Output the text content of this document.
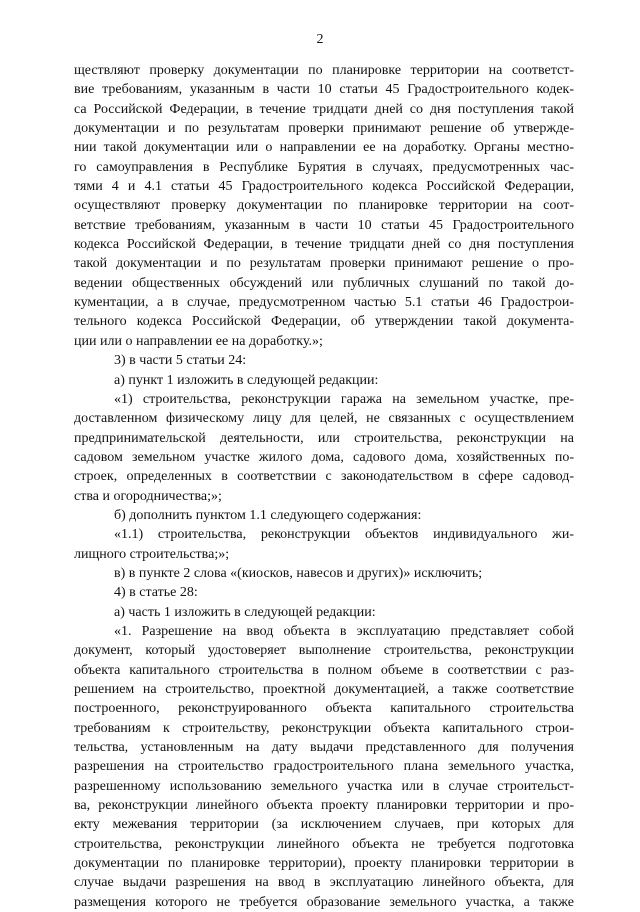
2
ществляют проверку документации по планировке территории на соответст-
вие требованиям, указанным в части 10 статьи 45 Градостроительного кодек-
са Российской Федерации, в течение тридцати дней со дня поступления такой
документации и по результатам проверки принимают решение об утвержде-
нии такой документации или о направлении ее на доработку. Органы местно-
го самоуправления в Республике Бурятия в случаях, предусмотренных час-
тями 4 и 4.1 статьи 45 Градостроительного кодекса Российской Федерации,
осуществляют проверку документации по планировке территории на соот-
ветствие требованиям, указанным в части 10 статьи 45 Градостроительного
кодекса Российской Федерации, в течение тридцати дней со дня поступления
такой документации и по результатам проверки принимают решение о про-
ведении общественных обсуждений или публичных слушаний по такой до-
кументации, а в случае, предусмотренном частью 5.1 статьи 46 Градострои-
тельного кодекса Российской Федерации, об утверждении такой документа-
ции или о направлении ее на доработку.»;
3) в части 5 статьи 24:
а) пункт 1 изложить в следующей редакции:
«1) строительства, реконструкции гаража на земельном участке, пре-
доставленном физическому лицу для целей, не связанных с осуществлением
предпринимательской деятельности, или строительства, реконструкции на
садовом земельном участке жилого дома, садового дома, хозяйственных по-
строек, определенных в соответствии с законодательством в сфере садовод-
ства и огородничества;»;
б) дополнить пунктом 1.1 следующего содержания:
«1.1) строительства, реконструкции объектов индивидуального жи-
лищного строительства;»;
в) в пункте 2 слова «(киосков, навесов и других)» исключить;
4) в статье 28:
а) часть 1 изложить в следующей редакции:
«1. Разрешение на ввод объекта в эксплуатацию представляет собой
документ, который удостоверяет выполнение строительства, реконструкции
объекта капитального строительства в полном объеме в соответствии с раз-
решением на строительство, проектной документацией, а также соответствие
построенного, реконструированного объекта капитального строительства
требованиям к строительству, реконструкции объекта капитального строи-
тельства, установленным на дату выдачи представленного для получения
разрешения на строительство градостроительного плана земельного участка,
разрешенному использованию земельного участка или в случае строительст-
ва, реконструкции линейного объекта проекту планировки территории и про-
екту межевания территории (за исключением случаев, при которых для
строительства, реконструкции линейного объекта не требуется подготовка
документации по планировке территории), проекту планировки территории в
случае выдачи разрешения на ввод в эксплуатацию линейного объекта, для
размещения которого не требуется образование земельного участка, а также
